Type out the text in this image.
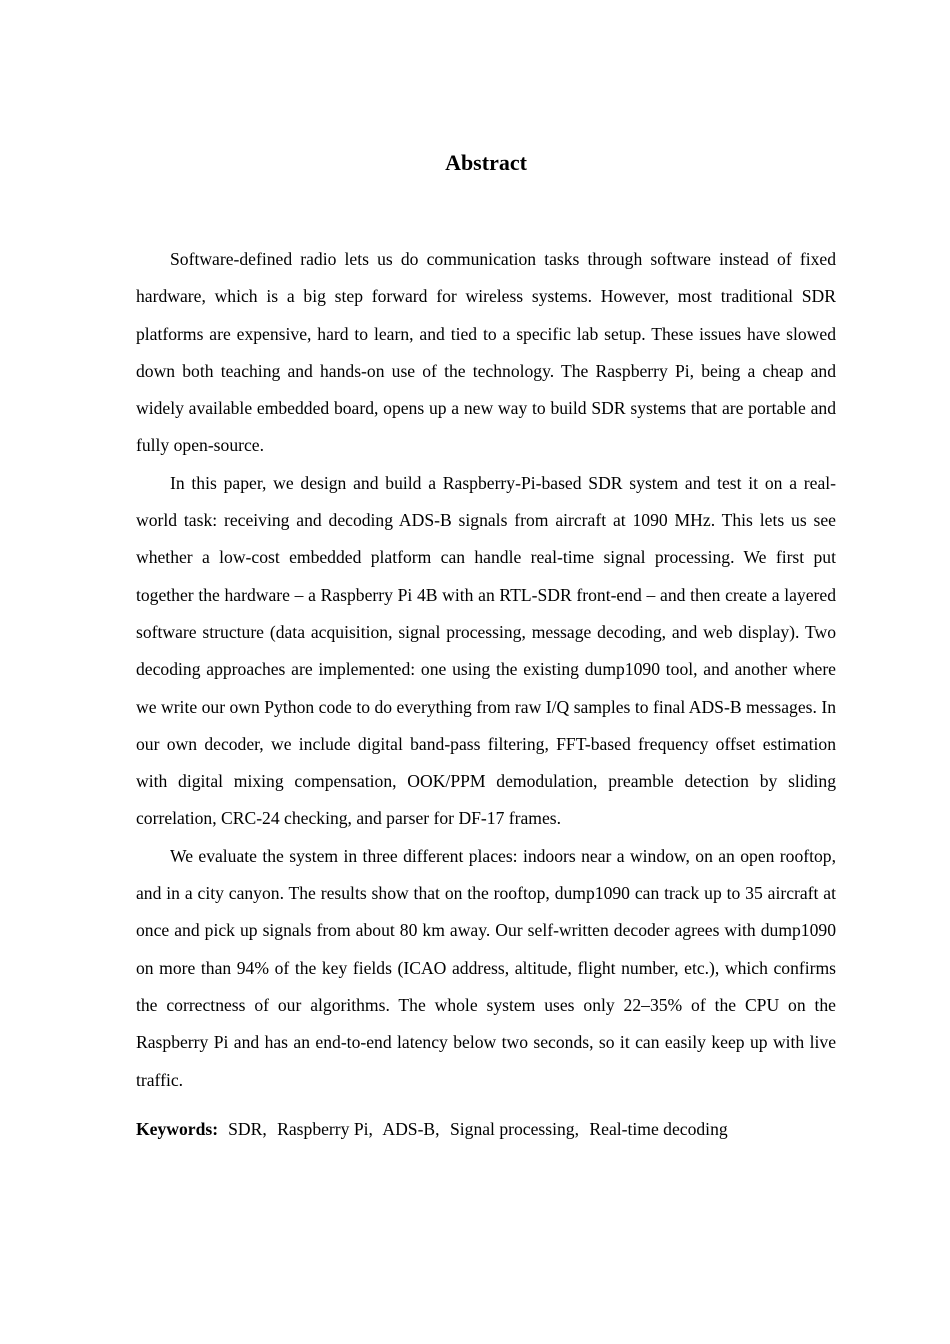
Abstract

Software-defined radio lets us do communication tasks through software instead of fixed hardware, which is a big step forward for wireless systems. However, most traditional SDR platforms are expensive, hard to learn, and tied to a specific lab setup. These issues have slowed down both teaching and hands-on use of the technology. The Raspberry Pi, being a cheap and widely available embedded board, opens up a new way to build SDR systems that are portable and fully open-source.

In this paper, we design and build a Raspberry-Pi-based SDR system and test it on a real-world task: receiving and decoding ADS-B signals from aircraft at 1090 MHz. This lets us see whether a low-cost embedded platform can handle real-time signal processing. We first put together the hardware – a Raspberry Pi 4B with an RTL-SDR front-end – and then create a layered software structure (data acquisition, signal processing, message decoding, and web display). Two decoding approaches are implemented: one using the existing dump1090 tool, and another where we write our own Python code to do everything from raw I/Q samples to final ADS-B messages. In our own decoder, we include digital band-pass filtering, FFT-based frequency offset estimation with digital mixing compensation, OOK/PPM demodulation, preamble detection by sliding correlation, CRC-24 checking, and parser for DF-17 frames.

We evaluate the system in three different places: indoors near a window, on an open rooftop, and in a city canyon. The results show that on the rooftop, dump1090 can track up to 35 aircraft at once and pick up signals from about 80 km away. Our self-written decoder agrees with dump1090 on more than 94% of the key fields (ICAO address, altitude, flight number, etc.), which confirms the correctness of our algorithms. The whole system uses only 22–35% of the CPU on the Raspberry Pi and has an end-to-end latency below two seconds, so it can easily keep up with live traffic.

Keywords: SDR, Raspberry Pi, ADS-B, Signal processing, Real-time decoding
